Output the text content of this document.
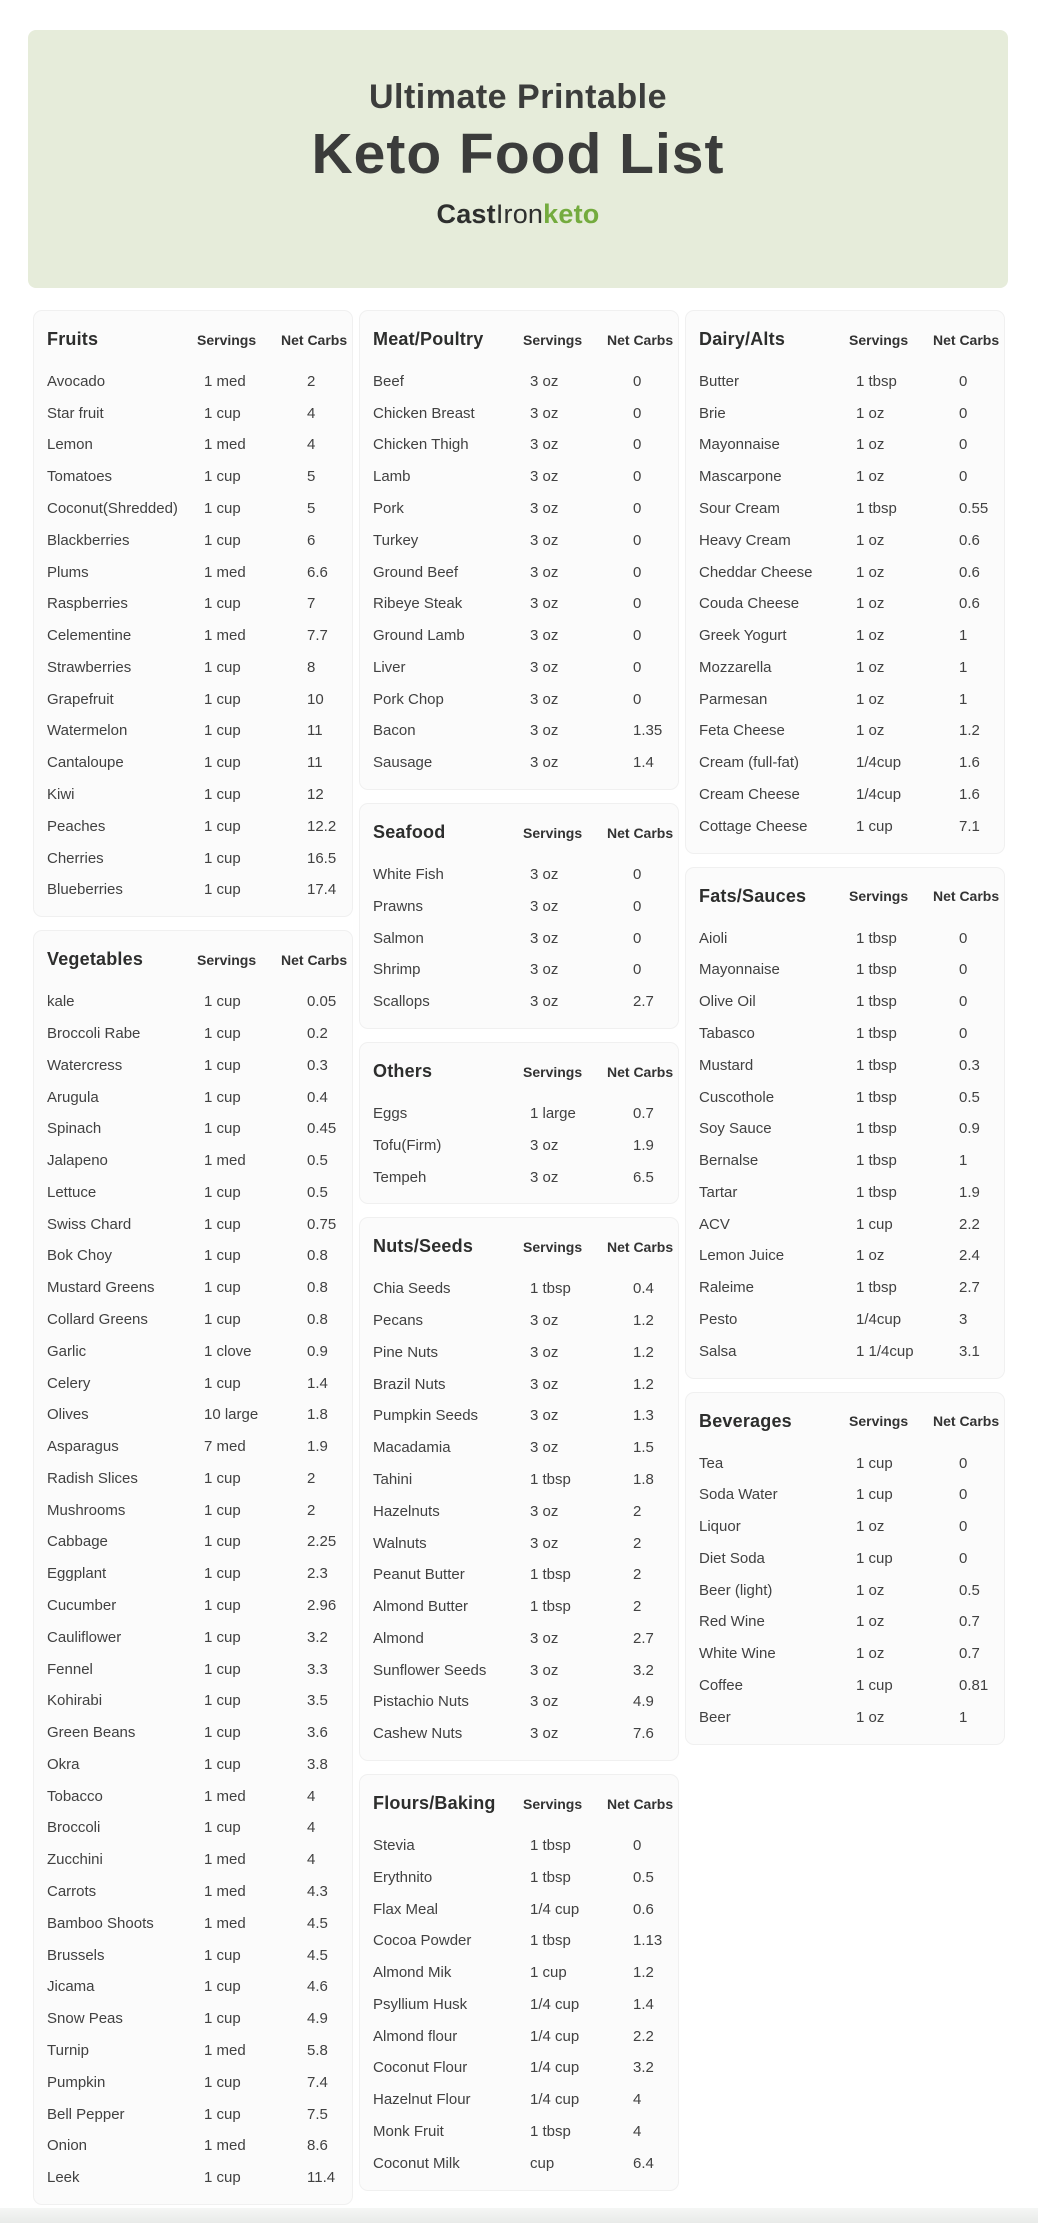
Ultimate Printable
Keto Food List
CastIronketo
Fruits	Servings	Net Carbs
Avocado	1 med	2
Star fruit	1 cup	4
Lemon	1 med	4
Tomatoes	1 cup	5
Coconut(Shredded)	1 cup	5
Blackberries	1 cup	6
Plums	1 med	6.6
Raspberries	1 cup	7
Celementine	1 med	7.7
Strawberries	1 cup	8
Grapefruit	1 cup	10
Watermelon	1 cup	11
Cantaloupe	1 cup	11
Kiwi	1 cup	12
Peaches	1 cup	12.2
Cherries	1 cup	16.5
Blueberries	1 cup	17.4
Vegetables	Servings	Net Carbs
kale	1 cup	0.05
Broccoli Rabe	1 cup	0.2
Watercress	1 cup	0.3
Arugula	1 cup	0.4
Spinach	1 cup	0.45
Jalapeno	1 med	0.5
Lettuce	1 cup	0.5
Swiss Chard	1 cup	0.75
Bok Choy	1 cup	0.8
Mustard Greens	1 cup	0.8
Collard Greens	1 cup	0.8
Garlic	1 clove	0.9
Celery	1 cup	1.4
Olives	10 large	1.8
Asparagus	7 med	1.9
Radish Slices	1 cup	2
Mushrooms	1 cup	2
Cabbage	1 cup	2.25
Eggplant	1 cup	2.3
Cucumber	1 cup	2.96
Cauliflower	1 cup	3.2
Fennel	1 cup	3.3
Kohirabi	1 cup	3.5
Green Beans	1 cup	3.6
Okra	1 cup	3.8
Tobacco	1 med	4
Broccoli	1 cup	4
Zucchini	1 med	4
Carrots	1 med	4.3
Bamboo Shoots	1 med	4.5
Brussels	1 cup	4.5
Jicama	1 cup	4.6
Snow Peas	1 cup	4.9
Turnip	1 med	5.8
Pumpkin	1 cup	7.4
Bell Pepper	1 cup	7.5
Onion	1 med	8.6
Leek	1 cup	11.4
Meat/Poultry	Servings	Net Carbs
Beef	3 oz	0
Chicken Breast	3 oz	0
Chicken Thigh	3 oz	0
Lamb	3 oz	0
Pork	3 oz	0
Turkey	3 oz	0
Ground Beef	3 oz	0
Ribeye Steak	3 oz	0
Ground Lamb	3 oz	0
Liver	3 oz	0
Pork Chop	3 oz	0
Bacon	3 oz	1.35
Sausage	3 oz	1.4
Seafood	Servings	Net Carbs
White Fish	3 oz	0
Prawns	3 oz	0
Salmon	3 oz	0
Shrimp	3 oz	0
Scallops	3 oz	2.7
Others	Servings	Net Carbs
Eggs	1 large	0.7
Tofu(Firm)	3 oz	1.9
Tempeh	3 oz	6.5
Nuts/Seeds	Servings	Net Carbs
Chia Seeds	1 tbsp	0.4
Pecans	3 oz	1.2
Pine Nuts	3 oz	1.2
Brazil Nuts	3 oz	1.2
Pumpkin Seeds	3 oz	1.3
Macadamia	3 oz	1.5
Tahini	1 tbsp	1.8
Hazelnuts	3 oz	2
Walnuts	3 oz	2
Peanut Butter	1 tbsp	2
Almond Butter	1 tbsp	2
Almond	3 oz	2.7
Sunflower Seeds	3 oz	3.2
Pistachio Nuts	3 oz	4.9
Cashew Nuts	3 oz	7.6
Flours/Baking	Servings	Net Carbs
Stevia	1 tbsp	0
Erythnito	1 tbsp	0.5
Flax Meal	1/4 cup	0.6
Cocoa Powder	1 tbsp	1.13
Almond Mik	1 cup	1.2
Psyllium Husk	1/4 cup	1.4
Almond flour	1/4 cup	2.2
Coconut Flour	1/4 cup	3.2
Hazelnut Flour	1/4 cup	4
Monk Fruit	1 tbsp	4
Coconut Milk	cup	6.4
Dairy/Alts	Servings	Net Carbs
Butter	1 tbsp	0
Brie	1 oz	0
Mayonnaise	1 oz	0
Mascarpone	1 oz	0
Sour Cream	1 tbsp	0.55
Heavy Cream	1 oz	0.6
Cheddar Cheese	1 oz	0.6
Couda Cheese	1 oz	0.6
Greek Yogurt	1 oz	1
Mozzarella	1 oz	1
Parmesan	1 oz	1
Feta Cheese	1 oz	1.2
Cream (full-fat)	1/4cup	1.6
Cream Cheese	1/4cup	1.6
Cottage Cheese	1 cup	7.1
Fats/Sauces	Servings	Net Carbs
Aioli	1 tbsp	0
Mayonnaise	1 tbsp	0
Olive Oil	1 tbsp	0
Tabasco	1 tbsp	0
Mustard	1 tbsp	0.3
Cuscothole	1 tbsp	0.5
Soy Sauce	1 tbsp	0.9
Bernalse	1 tbsp	1
Tartar	1 tbsp	1.9
ACV	1 cup	2.2
Lemon Juice	1 oz	2.4
Raleime	1 tbsp	2.7
Pesto	1/4cup	3
Salsa	1 1/4cup	3.1
Beverages	Servings	Net Carbs
Tea	1 cup	0
Soda Water	1 cup	0
Liquor	1 oz	0
Diet Soda	1 cup	0
Beer (light)	1 oz	0.5
Red Wine	1 oz	0.7
White Wine	1 oz	0.7
Coffee	1 cup	0.81
Beer	1 oz	1
